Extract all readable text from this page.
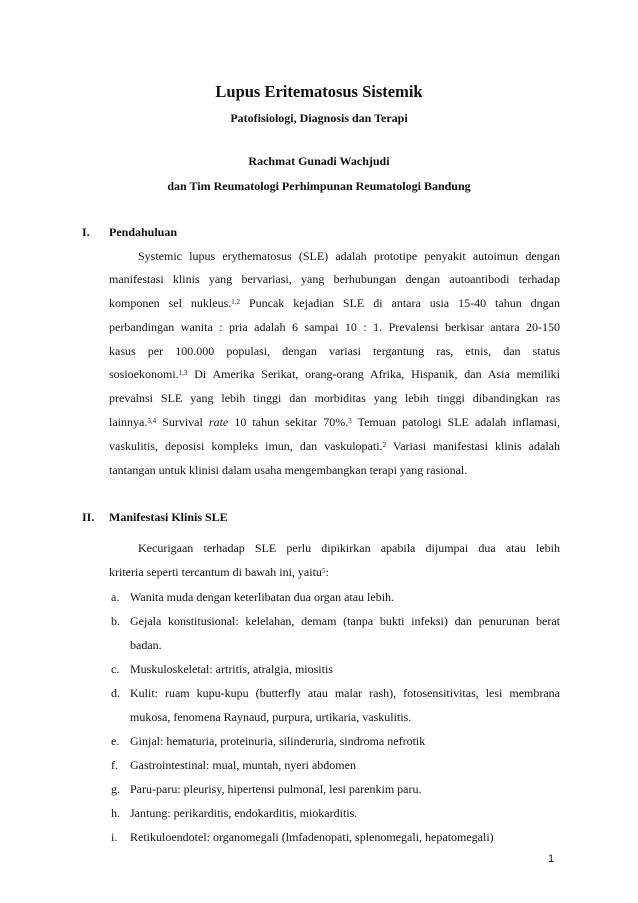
Lupus Eritematosus Sistemik
Patofisiologi, Diagnosis dan Terapi
Rachmat Gunadi Wachjudi
dan Tim Reumatologi Perhimpunan Reumatologi Bandung
I. Pendahuluan
Systemic lupus erythematosus (SLE) adalah prototipe penyakit autoimun dengan
manifestasi klinis yang bervariasi, yang berhubungan dengan autoantibodi terhadap
komponen sel nukleus.$^{1,2}$ Puncak kejadian SLE di antara usia 15-40 tahun dngan
perbandingan wanita : pria adalah 6 sampai 10 : 1. Prevalensi berkisar antara 20-150
kasus per 100.000 populasi, dengan variasi tergantung ras, etnis, dan status
sosioekonomi.$^{1,3}$ Di Amerika Serikat, orang-orang Afrika, Hispanik, dan Asia memiliki
prevalnsi SLE yang lebih tinggi dan morbiditas yang lebih tinggi dibandingkan ras
lainnya.$^{3,4}$ Survival rate 10 tahun sekitar 70%.$^3$ Temuan patologi SLE adalah inflamasi,
vaskulitis, deposisi kompleks imun, dan vaskulopati.$^2$ Variasi manifestasi klinis adalah
tantangan untuk klinisi dalam usaha mengembangkan terapi yang rasional.
II. Manifestasi Klinis SLE
Kecurigaan terhadap SLE perlu dipikirkan apabila dijumpai dua atau lebih
kriteria seperti tercantum di bawah ini, yaitu$^5$:
a. Wanita muda dengan keterlibatan dua organ atau lebih.
b. Gejala konstitusional: kelelahan, demam (tanpa bukti infeksi) dan penurunan berat
badan.
c. Muskuloskeletal: artritis, atralgia, miositis
d. Kulit: ruam kupu-kupu (butterfly atau malar rash), fotosensitivitas, lesi membrana
mukosa, fenomena Raynaud, purpura, urtikaria, vaskulitis.
e. Ginjal: hematuria, proteinuria, silinderuria, sindroma nefrotik
f. Gastrointestinal: mual, muntah, nyeri abdomen
g. Paru-paru: pleurisy, hipertensi pulmonal, lesi parenkim paru.
h. Jantung: perikarditis, endokarditis, miokarditis.
i. Retikuloendotel: organomegali (lmfadenopati, splenomegali, hepatomegali)
1
